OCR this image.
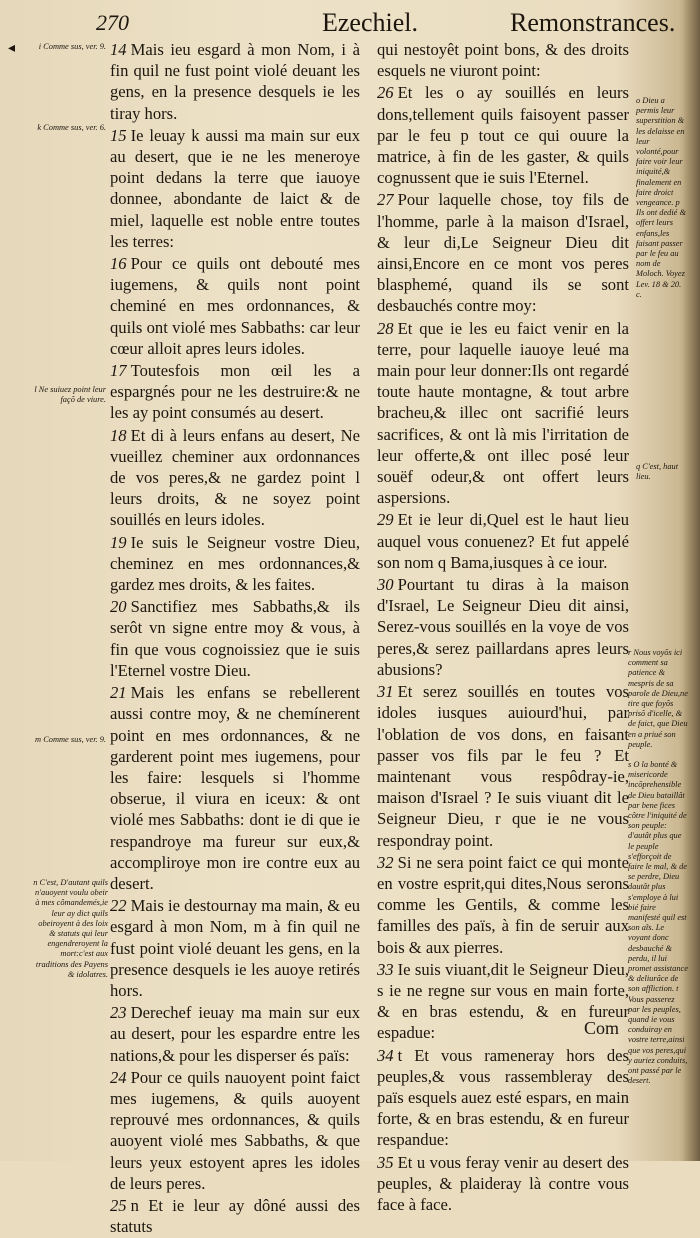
◂
270	Ezechiel.	Remonstrances.

14 Mais ieu esgard à mon Nom, i à fin quil ne fust point violé deuant les gens, en la presence desquels ie les tiray hors.

15 Ie leuay k aussi ma main sur eux au desert, que ie ne les meneroye point dedans la terre que iauoye donnee, abondante de laict & de miel, laquelle est noble entre toutes les terres:

16 Pour ce quils ont debouté mes iugemens, & quils nont point cheminé en mes ordonnances, & quils ont violé mes Sabbaths: car leur cœur alloit apres leurs idoles.

17 Toutesfois mon œil les a espargnés pour ne les destruire:& ne les ay point consumés au desert.

18 Et di à leurs enfans au desert, Ne vueillez cheminer aux ordonnances de vos peres,& ne gardez point l leurs droits, & ne soyez point souillés en leurs idoles.

19 Ie suis le Seigneur vostre Dieu, cheminez en mes ordonnances,& gardez mes droits, & les faites.

20 Sanctifiez mes Sabbaths,& ils serôt vn signe entre moy & vous, à fin que vous cognoissiez que ie suis l'Eternel vostre Dieu.

21 Mais les enfans se rebellerent aussi contre moy, & ne chemínerent point en mes ordonnances, & ne garderent point mes iugemens, pour les faire: lesquels si l'homme obserue, il viura en iceux: & ont violé mes Sabbaths: dont ie di que ie respandroye ma fureur sur eux,& accompliroye mon ire contre eux au desert.

22 Mais ie destournay ma main, & eu esgard à mon Nom, m à fin quil ne fust point violé deuant les gens, en la presence desquels ie les auoye retirés hors.

23 Derechef ieuay ma main sur eux au desert, pour les espardre entre les nations,& pour les disperser és païs:

24 Pour ce quils nauoyent point faict mes iugemens, & quils auoyent reprouvé mes ordonnances, & quils auoyent violé mes Sabbaths, & que leurs yeux estoyent apres les idoles de leurs peres.

25 n Et ie leur ay dôné aussi des statuts

qui nestoyêt point bons, & des droits esquels ne viuront point:

26 Et les o ay souillés en leurs dons,tellement quils faisoyent passer par le feu p tout ce qui ouure la matrice, à fin de les gaster, & quils cognussent que ie suis l'Eternel.

27 Pour laquelle chose, toy fils de l'homme, parle à la maison d'Israel, & leur di,Le Seigneur Dieu dit ainsi,Encore en ce mont vos peres blasphemé, quand ils se sont desbauchés contre moy:

28 Et que ie les eu faict venir en la terre, pour laquelle iauoye leué ma main pour leur donner:Ils ont regardé toute haute montagne, & tout arbre bracheu,& illec ont sacrifié leurs sacrifices, & ont là mis l'irritation de leur offerte,& ont illec posé leur souëf odeur,& ont offert leurs aspersions.

29 Et ie leur di,Quel est le haut lieu auquel vous conuenez? Et fut appelé son nom q Bama,iusques à ce iour.

30 Pourtant tu diras à la maison d'Israel, Le Seigneur Dieu dit ainsi, Serez-vous souillés en la voye de vos peres,& serez paillardans apres leurs abusions?

31 Et serez souillés en toutes vos idoles iusques auiourd'hui, par l'oblation de vos dons, en faisant passer vos fils par le feu ? Et maintenant vous respôdray-ie, maison d'Israel ? Ie suis viuant dit le Seigneur Dieu, r que ie ne vous respondray point.

32 Si ne sera point faict ce qui monte en vostre esprit,qui dites,Nous serons comme les Gentils, & comme les familles des païs, à fin de seruir aux bois & aux pierres.

33 Ie suis viuant,dit le Seigneur Dieu, s ie ne regne sur vous en main forte, & en bras estendu, & en fureur espadue:

34 t Et vous rameneray hors des peuples,& vous rassembleray des païs esquels auez esté espars, en main forte, & en bras estendu, & en fureur respandue:

35 Et u vous feray venir au desert des peuples, & plaideray là contre vous face à face.

i Comme sus, ver. 9.
k Comme sus, ver. 6.
l Ne suiuez point leur façõ de viure.
m Comme sus, ver. 9.
n C'est, D'autant quils n'auoyent voulu obeir à mes cômandemés,ie leur ay dict quils obeiroyent à des loix & statuts qui leur engendreroyent la mort:c'est aux traditions des Payens & idolatres.
o Dieu a permis leur superstition & les delaisse en leur volonté,pour faire voir leur iniquité,& finalement en faire droict vengeance. p Ils ont dedié & offert leurs enfans,les faisant passer par le feu au nom de Moloch. Voyez Lev. 18 & 20. c.
q C'est, haut lieu.
r Nous voyõs ici comment sa patience & mespris de sa parole de Dieu,ne tire que foyõs prisõ d'icelle, & de faict, que Dieu en a priué son peuple.
s O la bonté & misericorde incõprehensible de Dieu bataillât par bene fices côtre l'iniquité de son peuple: d'autât plus que le peuple s'efforçoit de faire le mal, & de se perdre, Dieu dautât plus s'employe à lui bié faire manifesté quil est son aĩs. Le voyant donc desbauché & perdu, il lui promet assistance & deliurãce de son affliction. t Vous passerez par les peuples, quand ie vous conduiray en vostre terre,ainsi que vos peres,qui y auriez conduits, ont passé par le desert.
Com
